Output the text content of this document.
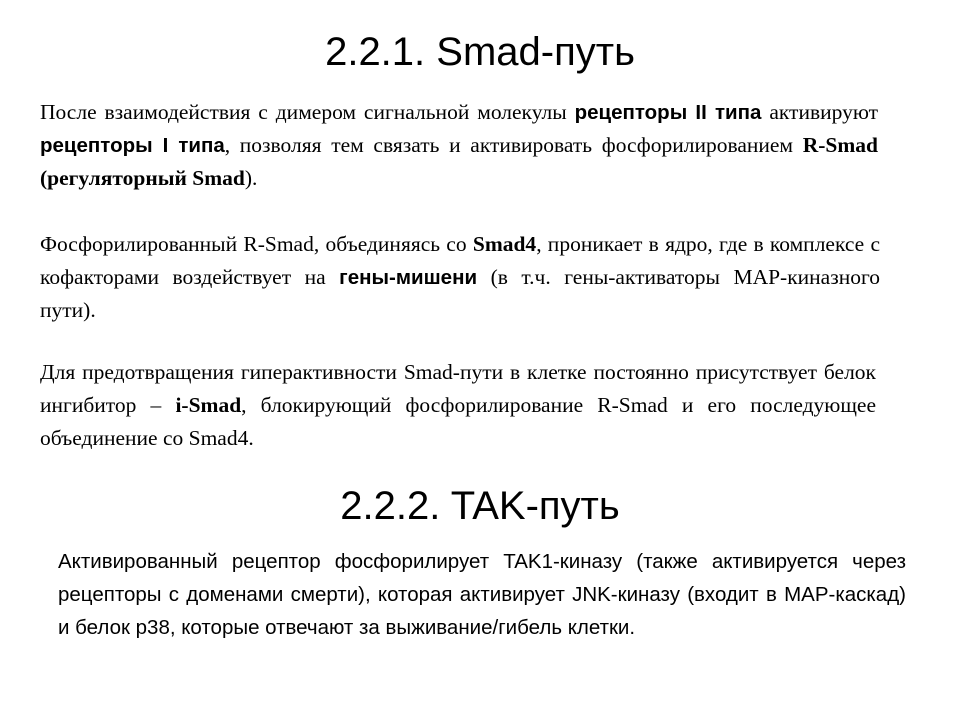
2.2.1. Smad-путь

После взаимодействия с димером сигнальной молекулы рецепторы II типа активируют рецепторы I типа, позволяя тем связать и активировать фосфорилированием R-Smad (регуляторный Smad).

Фосфорилированный R-Smad, объединяясь со Smad4, проникает в ядро, где в комплексе с кофакторами воздействует на гены-мишени (в т.ч. гены-активаторы MAP-киназного пути).

Для предотвращения гиперактивности Smad-пути в клетке постоянно присутствует белок ингибитор – i-Smad, блокирующий фосфорилирование R-Smad и его последующее объединение со Smad4.

2.2.2. TAK-путь

Активированный рецептор фосфорилирует TAK1-киназу (также активируется через рецепторы с доменами смерти), которая активирует JNK-киназу (входит в MAP-каскад) и белок р38, которые отвечают за выживание/гибель клетки.
